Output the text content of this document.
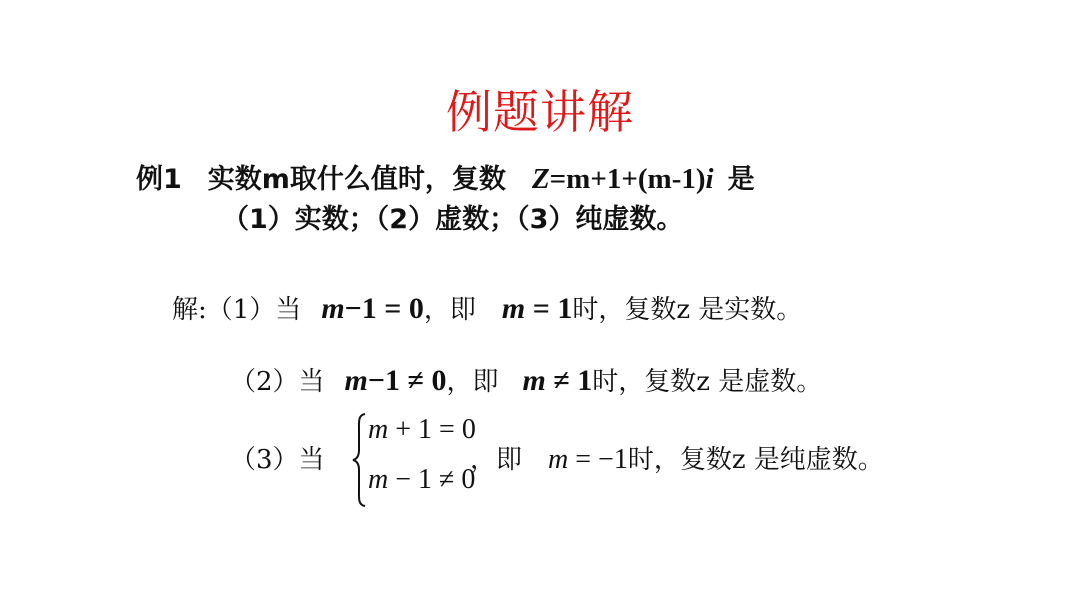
例题讲解
例1 实数m取什么值时，复数 Z=m+1+(m-1)i 是
（1）实数；（2）虚数；（3）纯虚数。
解:（1）当 m−1 = 0，即 m = 1时，复数z 是实数。
（2）当 m−1 ≠ 0，即 m ≠ 1时，复数z 是虚数。
（3）当
m + 1 = 0
m − 1 ≠ 0
，即 m = −1时，复数z 是纯虚数。
